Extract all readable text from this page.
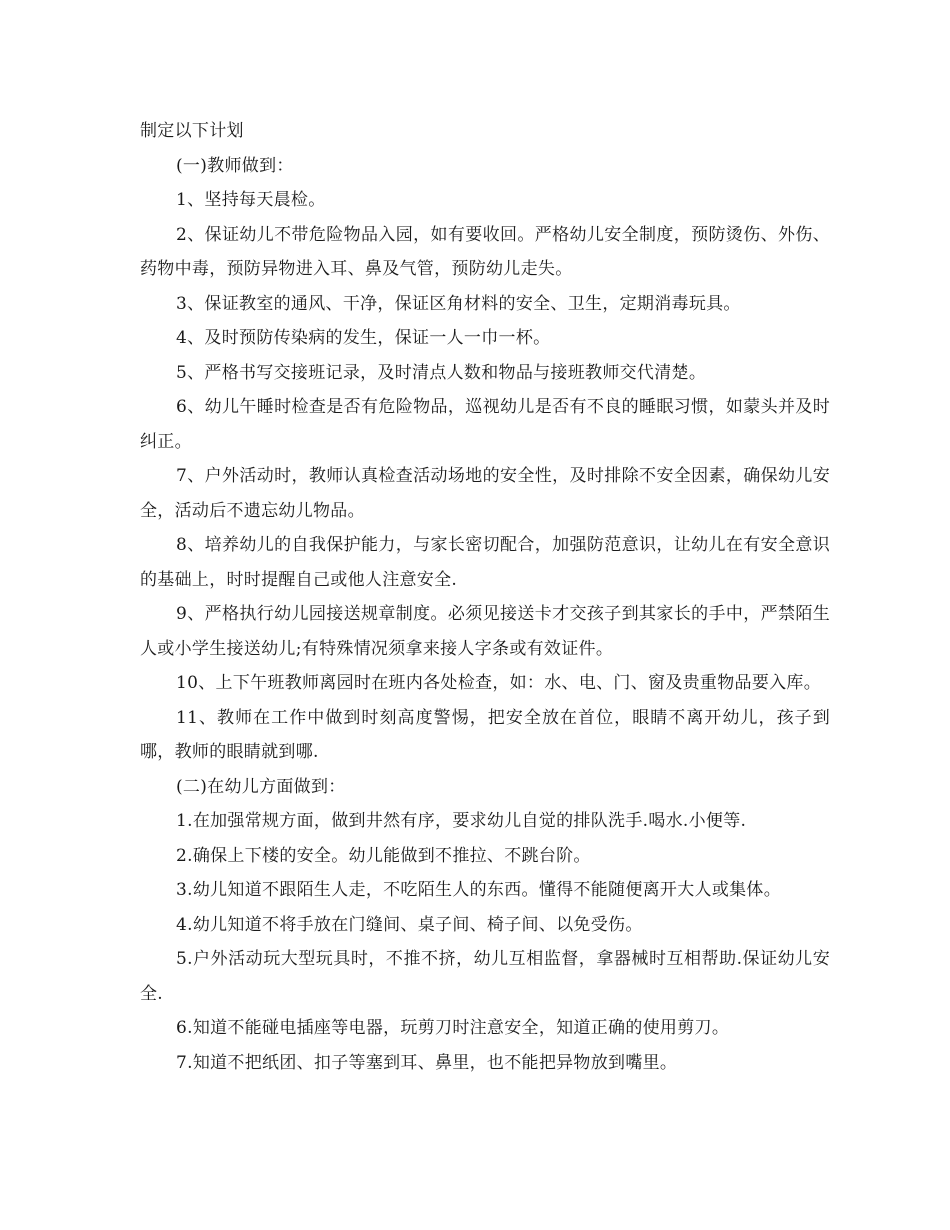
制定以下计划

(一)教师做到：

1、坚持每天晨检。

2、保证幼儿不带危险物品入园，如有要收回。严格幼儿安全制度，预防烫伤、外伤、药物中毒，预防异物进入耳、鼻及气管，预防幼儿走失。

3、保证教室的通风、干净，保证区角材料的安全、卫生，定期消毒玩具。

4、及时预防传染病的发生，保证一人一巾一杯。

5、严格书写交接班记录，及时清点人数和物品与接班教师交代清楚。

6、幼儿午睡时检查是否有危险物品，巡视幼儿是否有不良的睡眠习惯，如蒙头并及时纠正。

7、户外活动时，教师认真检查活动场地的安全性，及时排除不安全因素，确保幼儿安全，活动后不遗忘幼儿物品。

8、培养幼儿的自我保护能力，与家长密切配合，加强防范意识，让幼儿在有安全意识的基础上，时时提醒自己或他人注意安全.

9、严格执行幼儿园接送规章制度。必须见接送卡才交孩子到其家长的手中，严禁陌生人或小学生接送幼儿;有特殊情况须拿来接人字条或有效证件。

10、上下午班教师离园时在班内各处检查，如：水、电、门、窗及贵重物品要入库。

11、教师在工作中做到时刻高度警惕，把安全放在首位，眼睛不离开幼儿，孩子到哪，教师的眼睛就到哪.

(二)在幼儿方面做到：

1.在加强常规方面，做到井然有序，要求幼儿自觉的排队洗手.喝水.小便等.

2.确保上下楼的安全。幼儿能做到不推拉、不跳台阶。

3.幼儿知道不跟陌生人走，不吃陌生人的东西。懂得不能随便离开大人或集体。

4.幼儿知道不将手放在门缝间、桌子间、椅子间、以免受伤。

5.户外活动玩大型玩具时，不推不挤，幼儿互相监督，拿器械时互相帮助.保证幼儿安全.

6.知道不能碰电插座等电器，玩剪刀时注意安全，知道正确的使用剪刀。

7.知道不把纸团、扣子等塞到耳、鼻里，也不能把异物放到嘴里。
